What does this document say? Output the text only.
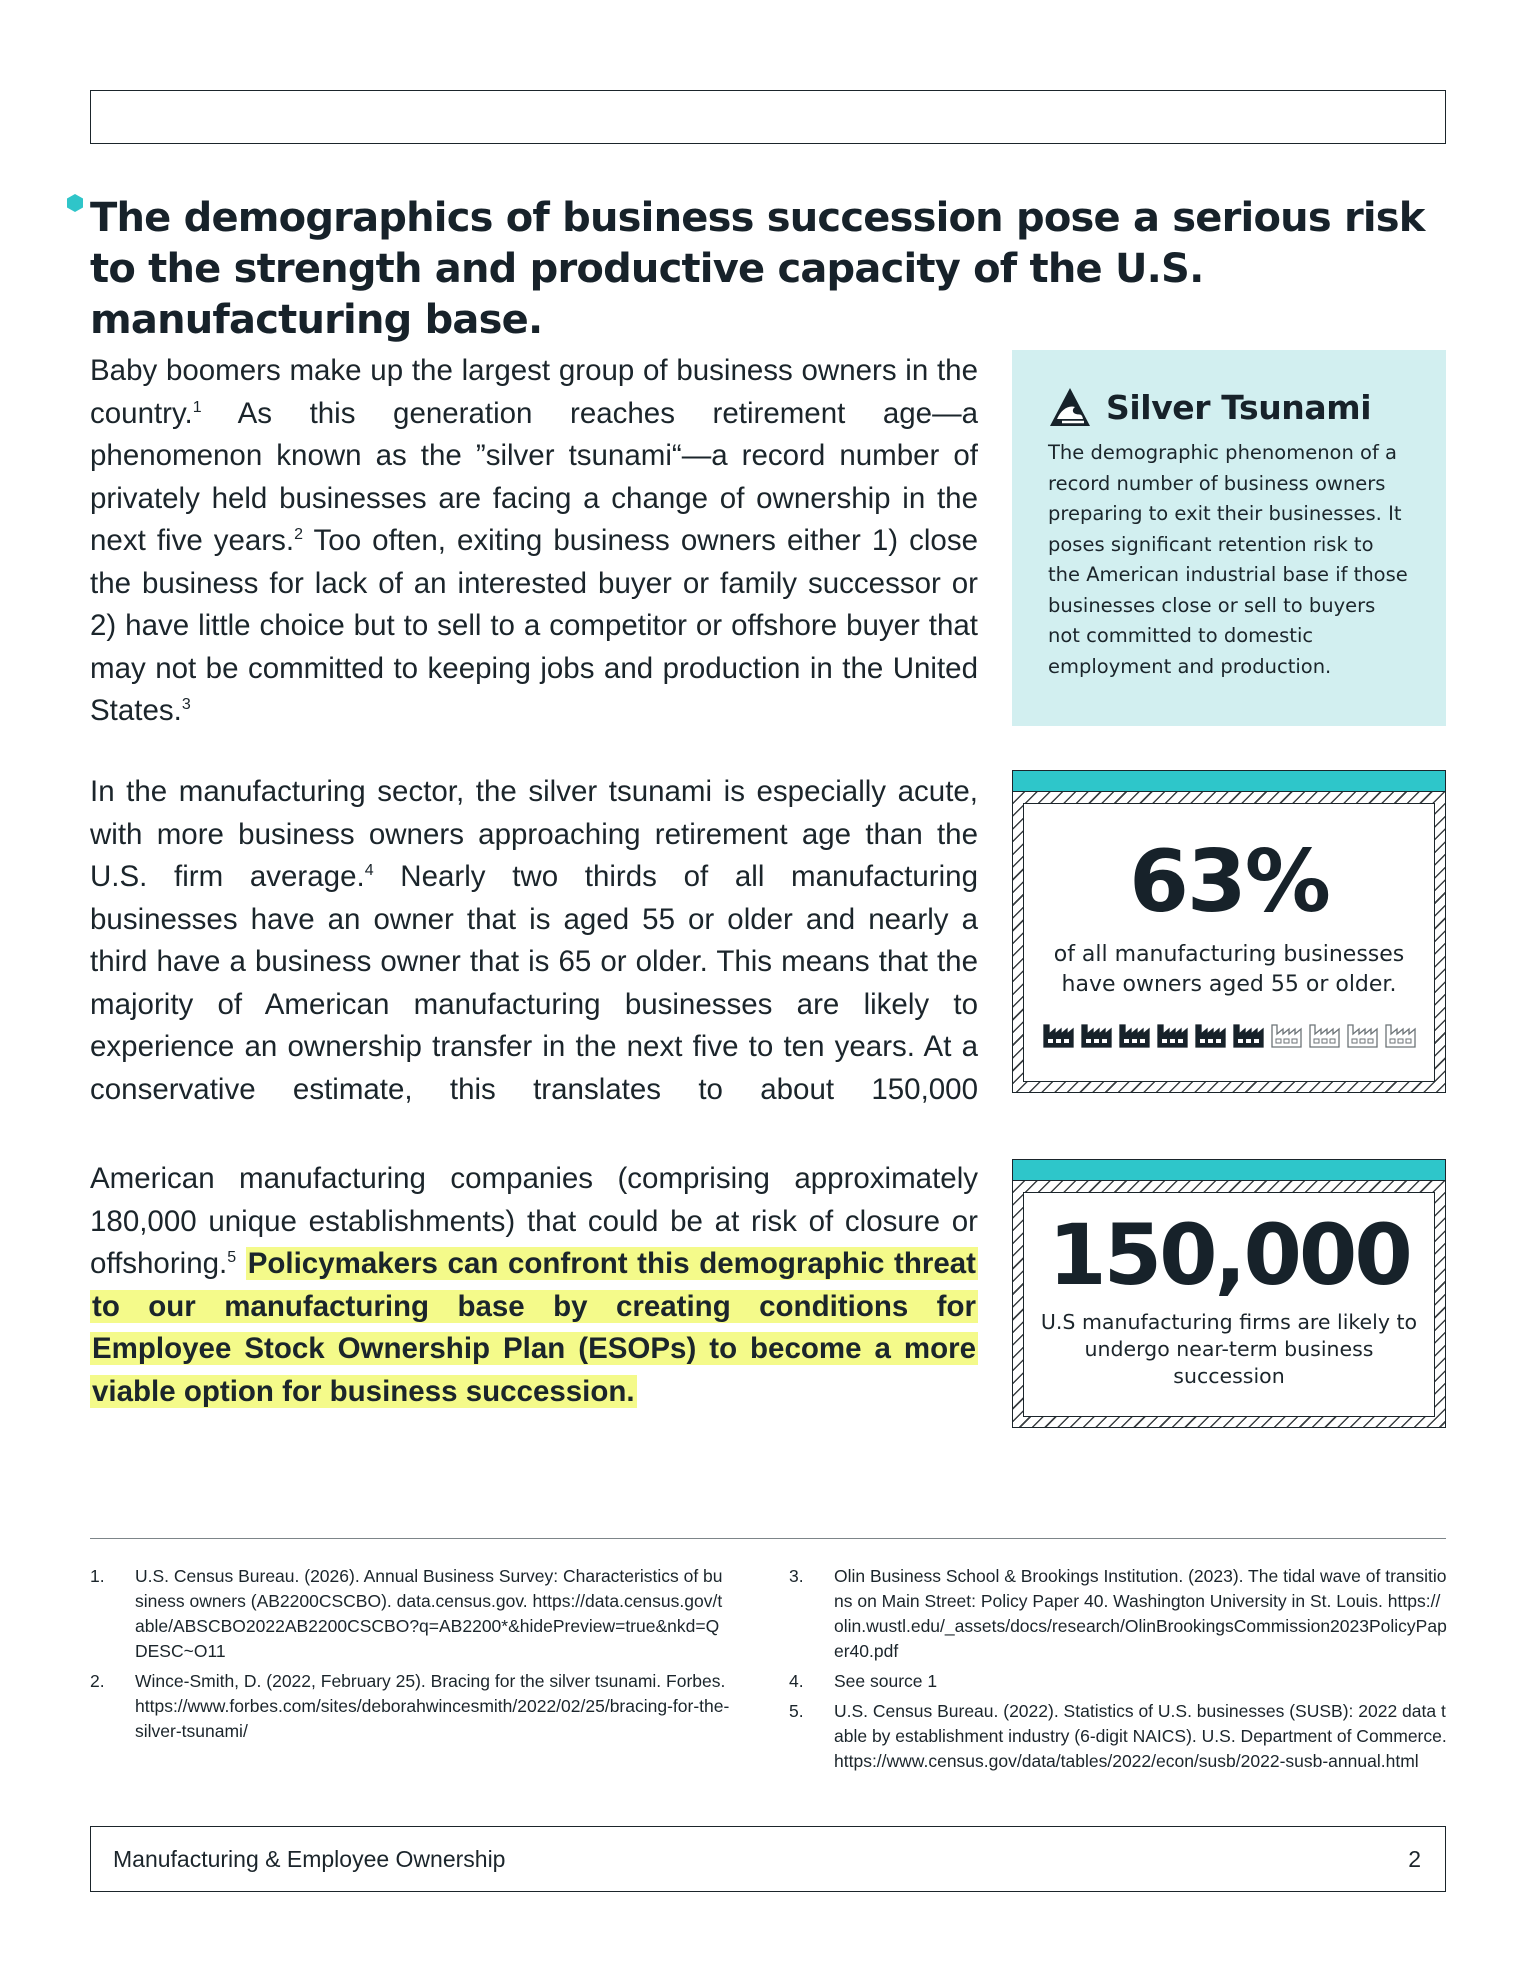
The demographics of business succession pose a serious risk to the strength and productive capacity of the U.S. manufacturing base.

Baby boomers make up the largest group of business owners in the country.$^1$ As this generation reaches retirement age—a phenomenon known as the ”silver tsunami“—a record number of privately held businesses are facing a change of ownership in the next five years.$^2$ Too often, exiting business owners either 1) close the business for lack of an interested buyer or family successor or 2) have little choice but to sell to a competitor or offshore buyer that may not be committed to keeping jobs and production in the United States.$^3$

In the manufacturing sector, the silver tsunami is especially acute, with more business owners approaching retirement age than the U.S. firm average.$^4$ Nearly two thirds of all manufacturing businesses have an owner that is aged 55 or older and nearly a third have a business owner that is 65 or older. This means that the majority of American manufacturing businesses are likely to experience an ownership transfer in the next five to ten years. At a conservative estimate, this translates to about 150,000

American manufacturing companies (comprising approximately 180,000 unique establishments) that could be at risk of closure or offshoring.$^5$ Policymakers can confront this demographic threat to our manufacturing base by creating conditions for Employee Stock Ownership Plan (ESOPs) to become a more viable option for business succession.

Silver Tsunami

The demographic phenomenon of a record number of business owners preparing to exit their businesses. It poses significant retention risk to the American industrial base if those businesses close or sell to buyers not committed to domestic employment and production.

63%
of all manufacturing businesses have owners aged 55 or older.
150,000
U.S manufacturing firms are likely to undergo near-term business succession
1.	U.S. Census Bureau. (2026). Annual Business Survey: Characteristics of business owners (AB2200CSCBO). data.census.gov. https://data.census.gov/table/ABSCBO2022AB2200CSCBO?q=AB2200*&hidePreview=true&nkd=QDESC~O11
2.	Wince-Smith, D. (2022, February 25). Bracing for the silver tsunami. Forbes. https://www.forbes.com/sites/deborahwincesmith/2022/02/25/bracing-for-the-silver-tsunami/
3.	Olin Business School & Brookings Institution. (2023). The tidal wave of transitions on Main Street: Policy Paper 40. Washington University in St. Louis. https://olin.wustl.edu/_assets/docs/research/OlinBrookingsCommission2023PolicyPaper40.pdf
4.	See source 1
5.	U.S. Census Bureau. (2022). Statistics of U.S. businesses (SUSB): 2022 data table by establishment industry (6-digit NAICS). U.S. Department of Commerce. https://www.census.gov/data/tables/2022/econ/susb/2022-susb-annual.html
Manufacturing & Employee Ownership	2
